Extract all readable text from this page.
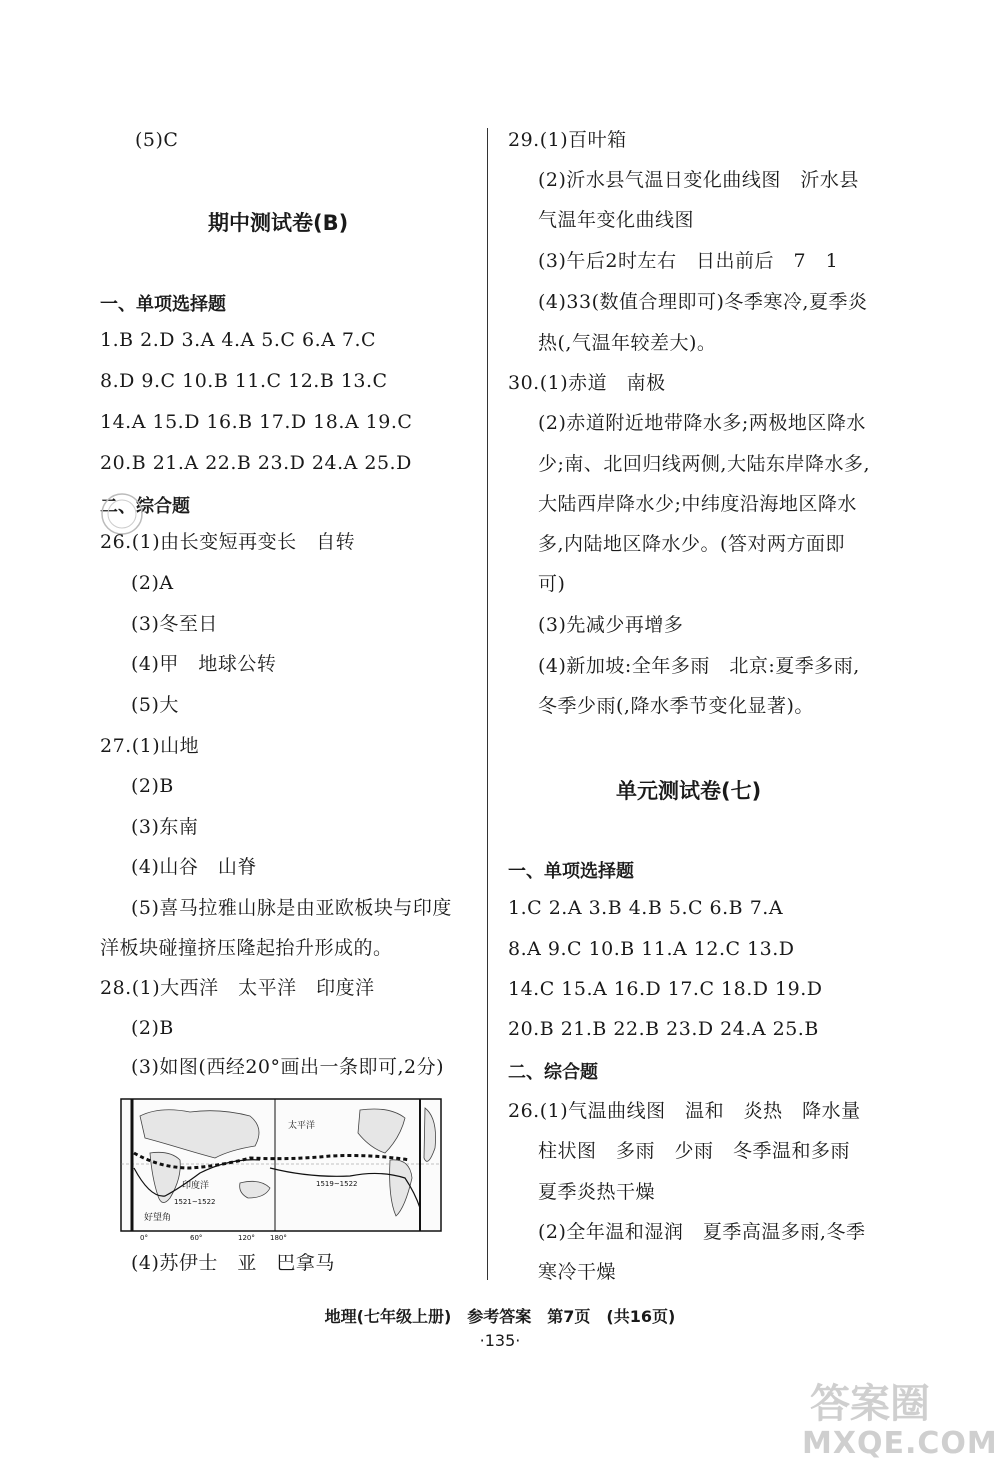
(5)C
期中测试卷(B)
一、单项选择题
1.B 2.D 3.A 4.A 5.C 6.A 7.C
8.D 9.C 10.B 11.C 12.B 13.C
14.A 15.D 16.B 17.D 18.A 19.C
20.B 21.A 22.B 23.D 24.A 25.D
二、综合题
26.(1)由长变短再变长　自转
(2)A
(3)冬至日
(4)甲　地球公转
(5)大
27.(1)山地
(2)B
(3)东南
(4)山谷　山脊
(5)喜马拉雅山脉是由亚欧板块与印度
洋板块碰撞挤压隆起抬升形成的。
28.(1)大西洋　太平洋　印度洋
(2)B
(3)如图(西经20°画出一条即可,2分)
太平洋
印度洋
好望角
1521~1522
1519~1522
0°	60°	120° 180°
(4)苏伊士　亚　巴拿马
29.(1)百叶箱
(2)沂水县气温日变化曲线图　沂水县
气温年变化曲线图
(3)午后2时左右　日出前后　7　1
(4)33(数值合理即可)冬季寒冷,夏季炎
热(,气温年较差大)。
30.(1)赤道　南极
(2)赤道附近地带降水多;两极地区降水
少;南、北回归线两侧,大陆东岸降水多,
大陆西岸降水少;中纬度沿海地区降水
多,内陆地区降水少。(答对两方面即
可)
(3)先减少再增多
(4)新加坡:全年多雨　北京:夏季多雨,
冬季少雨(,降水季节变化显著)。
单元测试卷(七)
一、单项选择题
1.C 2.A 3.B 4.B 5.C 6.B 7.A
8.A 9.C 10.B 11.A 12.C 13.D
14.C 15.A 16.D 17.C 18.D 19.D
20.B 21.B 22.B 23.D 24.A 25.B
二、综合题
26.(1)气温曲线图　温和　炎热　降水量
柱状图　多雨　少雨　冬季温和多雨
夏季炎热干燥
(2)全年温和湿润　夏季高温多雨,冬季
寒冷干燥
地理(七年级上册)　参考答案　第7页　(共16页)
·135·
答案圈
MXQE.COM
